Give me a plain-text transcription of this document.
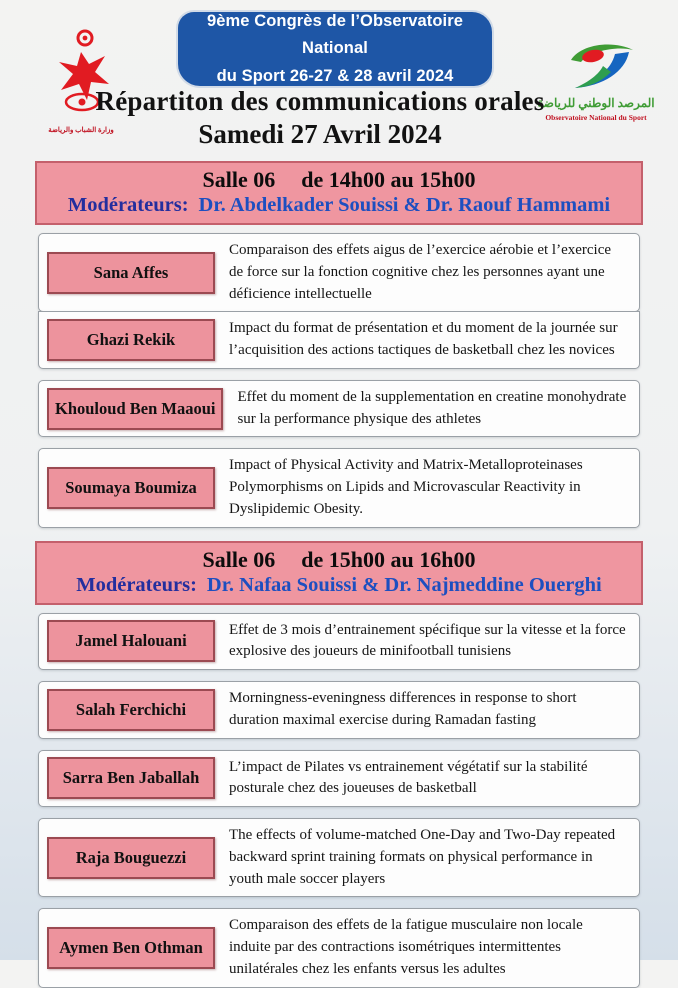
وزارة الشباب والرياضة
9ème Congrès de l’Observatoire National
du Sport 26-27 & 28 avril 2024
المرصد الوطني للرياضة
Observatoire National du Sport
Répartiton des communications orales
Samedi 27 Avril 2024
Salle 06 de 14h00 au 15h00
Modérateurs: Dr. Abdelkader Souissi & Dr. Raouf Hammami
Sana Affes
Comparaison des effets aigus de l’exercice aérobie et l’exercice de force sur la fonction cognitive chez les personnes ayant une déficience intellectuelle
Ghazi Rekik
Impact du format de présentation et du moment de la journée sur l’acquisition des actions tactiques de basketball chez les novices
Khouloud Ben Maaoui
Effet du moment de la supplementation en creatine monohydrate sur la performance physique des athletes
Soumaya Boumiza
Impact of Physical Activity and Matrix-Metalloproteinases Polymorphisms on Lipids and Microvascular Reactivity in Dyslipidemic Obesity.
Salle 06 de 15h00 au 16h00
Modérateurs: Dr. Nafaa Souissi & Dr. Najmeddine Ouerghi
Jamel Halouani
Effet de 3 mois d’entrainement spécifique sur la vitesse et la force explosive des joueurs de minifootball tunisiens
Salah Ferchichi
Morningness-eveningness differences in response to short duration maximal exercise during Ramadan fasting
Sarra Ben Jaballah
L’impact de Pilates vs entrainement végétatif sur la stabilité posturale chez des joueuses de basketball
Raja Bouguezzi
The effects of volume-matched One-Day and Two-Day repeated backward sprint training formats on physical performance in youth male soccer players
Aymen Ben Othman
Comparaison des effets de la fatigue musculaire non locale induite par des contractions isométriques intermittentes unilatérales chez les enfants versus les adultes
